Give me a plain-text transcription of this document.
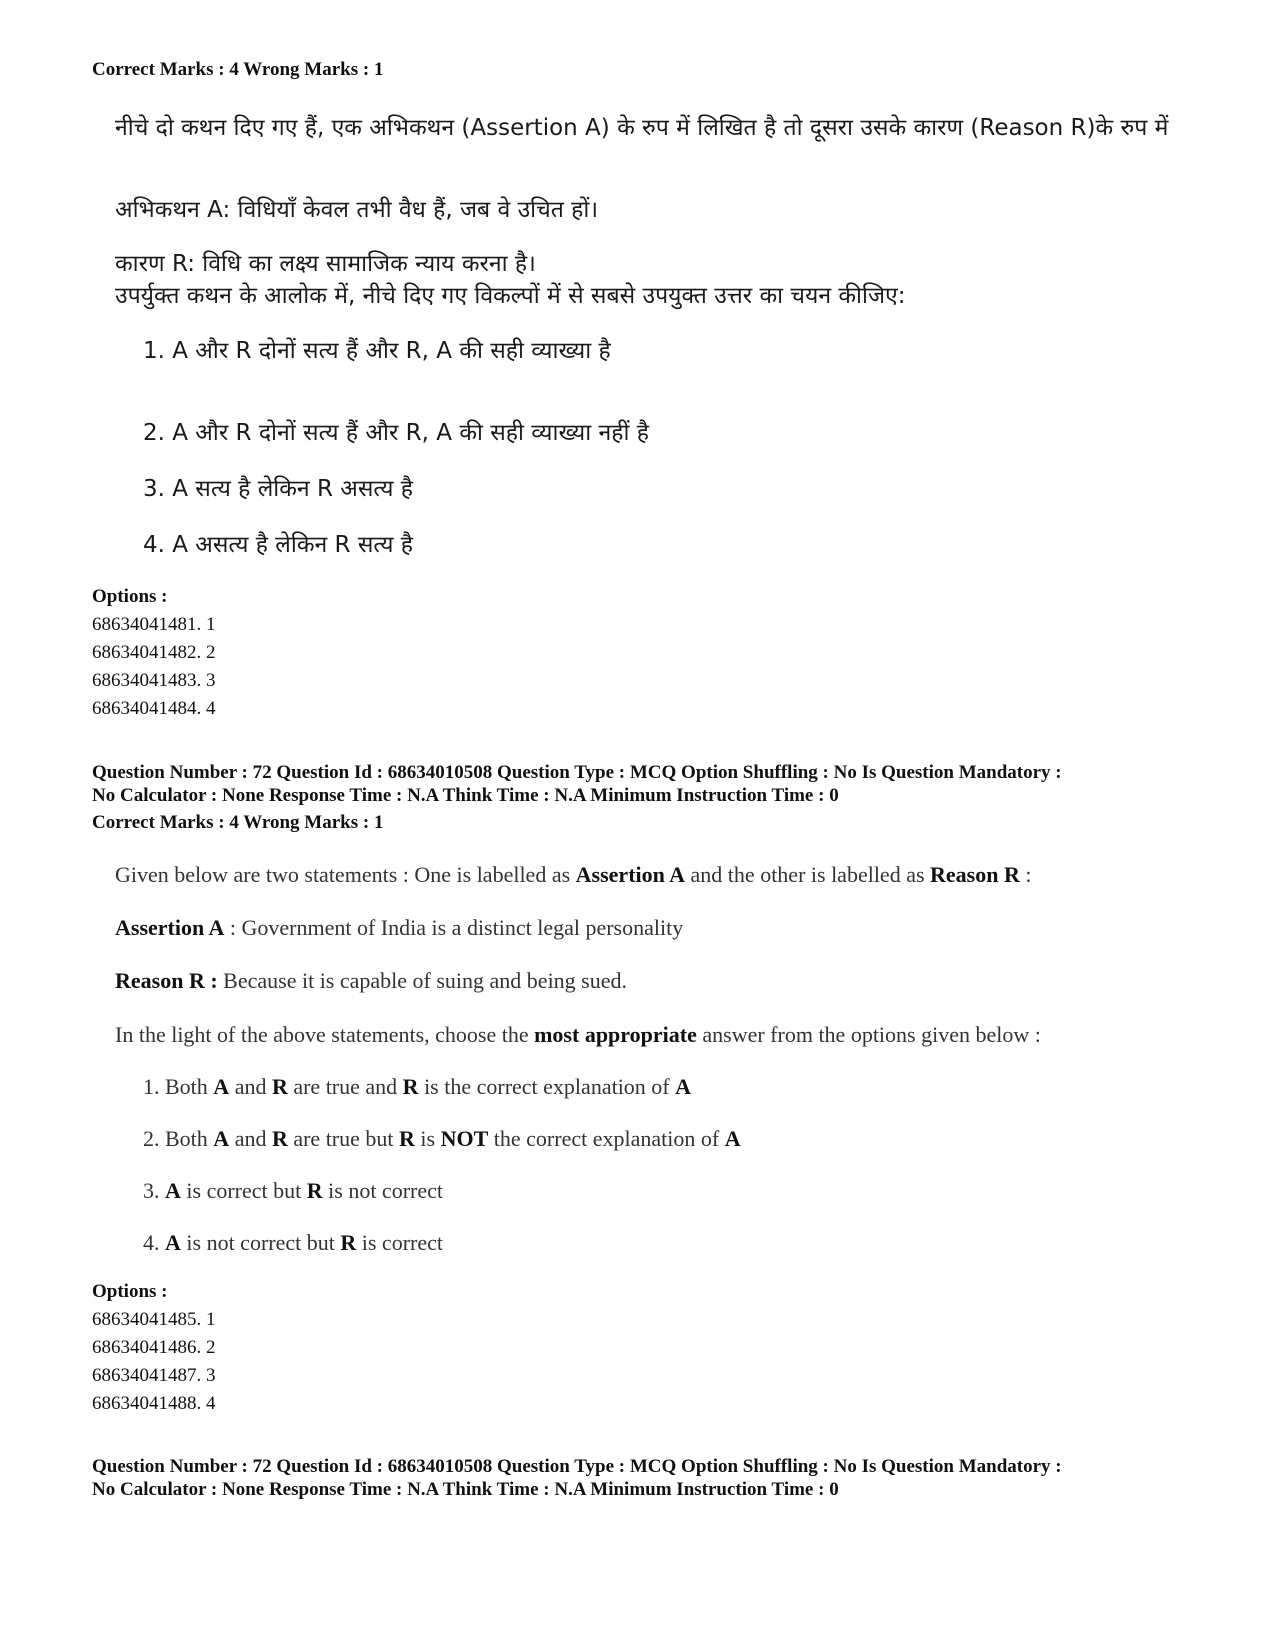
Correct Marks : 4 Wrong Marks : 1
नीचे दो कथन दिए गए हैं, एक अभिकथन (Assertion A) के रुप में लिखित है तो दूसरा उसके कारण (Reason R)के रुप में
अभिकथन A: विधियाँ केवल तभी वैध हैं, जब वे उचित हों।
कारण R: विधि का लक्ष्य सामाजिक न्याय करना है।
उपर्युक्त कथन के आलोक में, नीचे दिए गए विकल्पों में से सबसे उपयुक्त उत्तर का चयन कीजिए:
1. A और R दोनों सत्य हैं और R, A की सही व्याख्या है
2. A और R दोनों सत्य हैं और R, A की सही व्याख्या नहीं है
3. A सत्य है लेकिन R असत्य है
4. A असत्य है लेकिन R सत्य है
Options :
68634041481. 1
68634041482. 2
68634041483. 3
68634041484. 4
Question Number : 72 Question Id : 68634010508 Question Type : MCQ Option Shuffling : No Is Question Mandatory :
No Calculator : None Response Time : N.A Think Time : N.A Minimum Instruction Time : 0
Correct Marks : 4 Wrong Marks : 1
Given below are two statements : One is labelled as Assertion A and the other is labelled as Reason R :
Assertion A : Government of India is a distinct legal personality
Reason R : Because it is capable of suing and being sued.
In the light of the above statements, choose the most appropriate answer from the options given below :
1. Both A and R are true and R is the correct explanation of A
2. Both A and R are true but R is NOT the correct explanation of A
3. A is correct but R is not correct
4. A is not correct but R is correct
Options :
68634041485. 1
68634041486. 2
68634041487. 3
68634041488. 4
Question Number : 72 Question Id : 68634010508 Question Type : MCQ Option Shuffling : No Is Question Mandatory :
No Calculator : None Response Time : N.A Think Time : N.A Minimum Instruction Time : 0
